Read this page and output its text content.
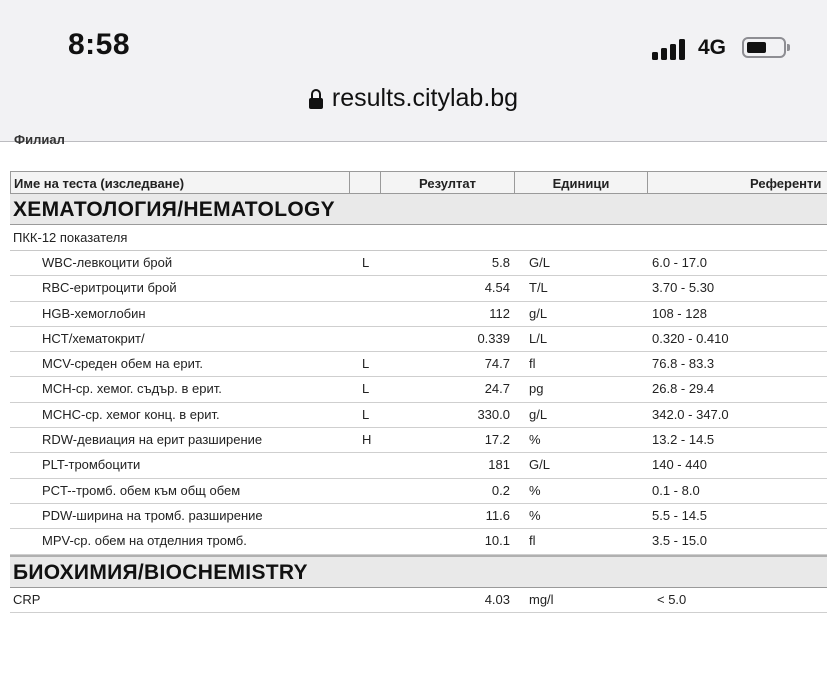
8:58	4G
results.citylab.bg
Филиал
Име на теста (изследване)	Резултат	Единици	Референти
ХЕМАТОЛОГИЯ/HEMATOLOGY
ПКК-12 показателя
WBC-левкоцити брой	L	5.8 G/L	6.0 - 17.0
RBC-еритроцити брой	4.54 T/L	3.70 - 5.30
HGB-хемоглобин	112 g/L	108 - 128
HCT/хематокрит/	0.339 L/L	0.320 - 0.410
MCV-среден обем на ерит.	L	74.7 fl	76.8 - 83.3
MCH-ср. хемог. съдър. в ерит.	L	24.7 pg	26.8 - 29.4
MCHC-ср. хемог конц. в ерит.	L	330.0 g/L	342.0 - 347.0
RDW-девиация на ерит разширение	H	17.2 %	13.2 - 14.5
PLT-тромбоцити	181 G/L	140 - 440
PCT--тромб. обем към общ обем	0.2 %	0.1 - 8.0
PDW-ширина на тромб. разширение	11.6 %	5.5 - 14.5
MPV-ср. обем на отделния тромб.	10.1 fl	3.5 - 15.0
БИОХИМИЯ/BIOCHEMISTRY
CRP	4.03 mg/l	< 5.0
